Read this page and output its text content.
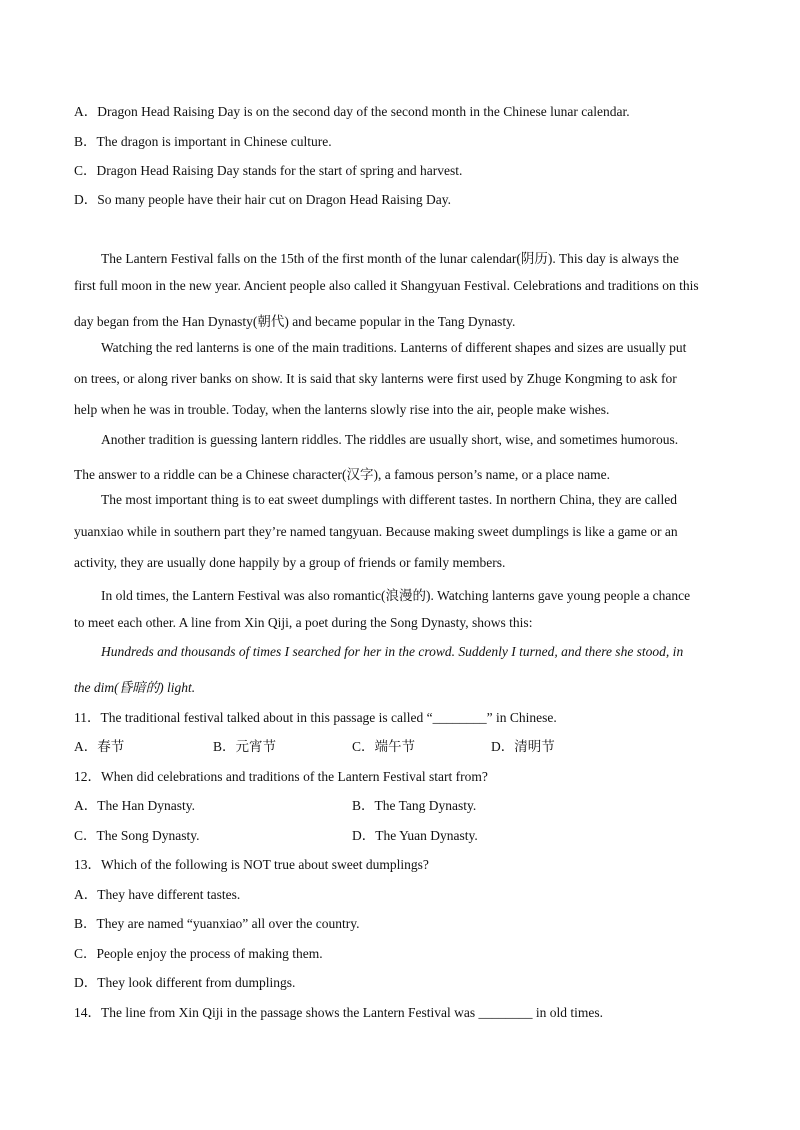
A．Dragon Head Raising Day is on the second day of the second month in the Chinese lunar calendar.
B．The dragon is important in Chinese culture.
C．Dragon Head Raising Day stands for the start of spring and harvest.
D．So many people have their hair cut on Dragon Head Raising Day.
The Lantern Festival falls on the 15th of the first month of the lunar calendar(阴历). This day is always the
first full moon in the new year. Ancient people also called it Shangyuan Festival. Celebrations and traditions on this
day began from the Han Dynasty(朝代) and became popular in the Tang Dynasty.
Watching the red lanterns is one of the main traditions. Lanterns of different shapes and sizes are usually put
on trees, or along river banks on show. It is said that sky lanterns were first used by Zhuge Kongming to ask for
help when he was in trouble. Today, when the lanterns slowly rise into the air, people make wishes.
Another tradition is guessing lantern riddles. The riddles are usually short, wise, and sometimes humorous.
The answer to a riddle can be a Chinese character(汉字), a famous person’s name, or a place name.
The most important thing is to eat sweet dumplings with different tastes. In northern China, they are called
yuanxiao while in southern part they’re named tangyuan. Because making sweet dumplings is like a game or an
activity, they are usually done happily by a group of friends or family members.
In old times, the Lantern Festival was also romantic(浪漫的). Watching lanterns gave young people a chance
to meet each other. A line from Xin Qiji, a poet during the Song Dynasty, shows this:
Hundreds and thousands of times I searched for her in the crowd. Suddenly I turned, and there she stood, in
the dim(昏暗的) light.
11．The traditional festival talked about in this passage is called “________” in Chinese.
A．春节	B．元宵节	C．端午节	D．清明节
12．When did celebrations and traditions of the Lantern Festival start from?
A．The Han Dynasty.	B．The Tang Dynasty.
C．The Song Dynasty.	D．The Yuan Dynasty.
13．Which of the following is NOT true about sweet dumplings?
A．They have different tastes.
B．They are named “yuanxiao” all over the country.
C．People enjoy the process of making them.
D．They look different from dumplings.
14．The line from Xin Qiji in the passage shows the Lantern Festival was ________ in old times.
